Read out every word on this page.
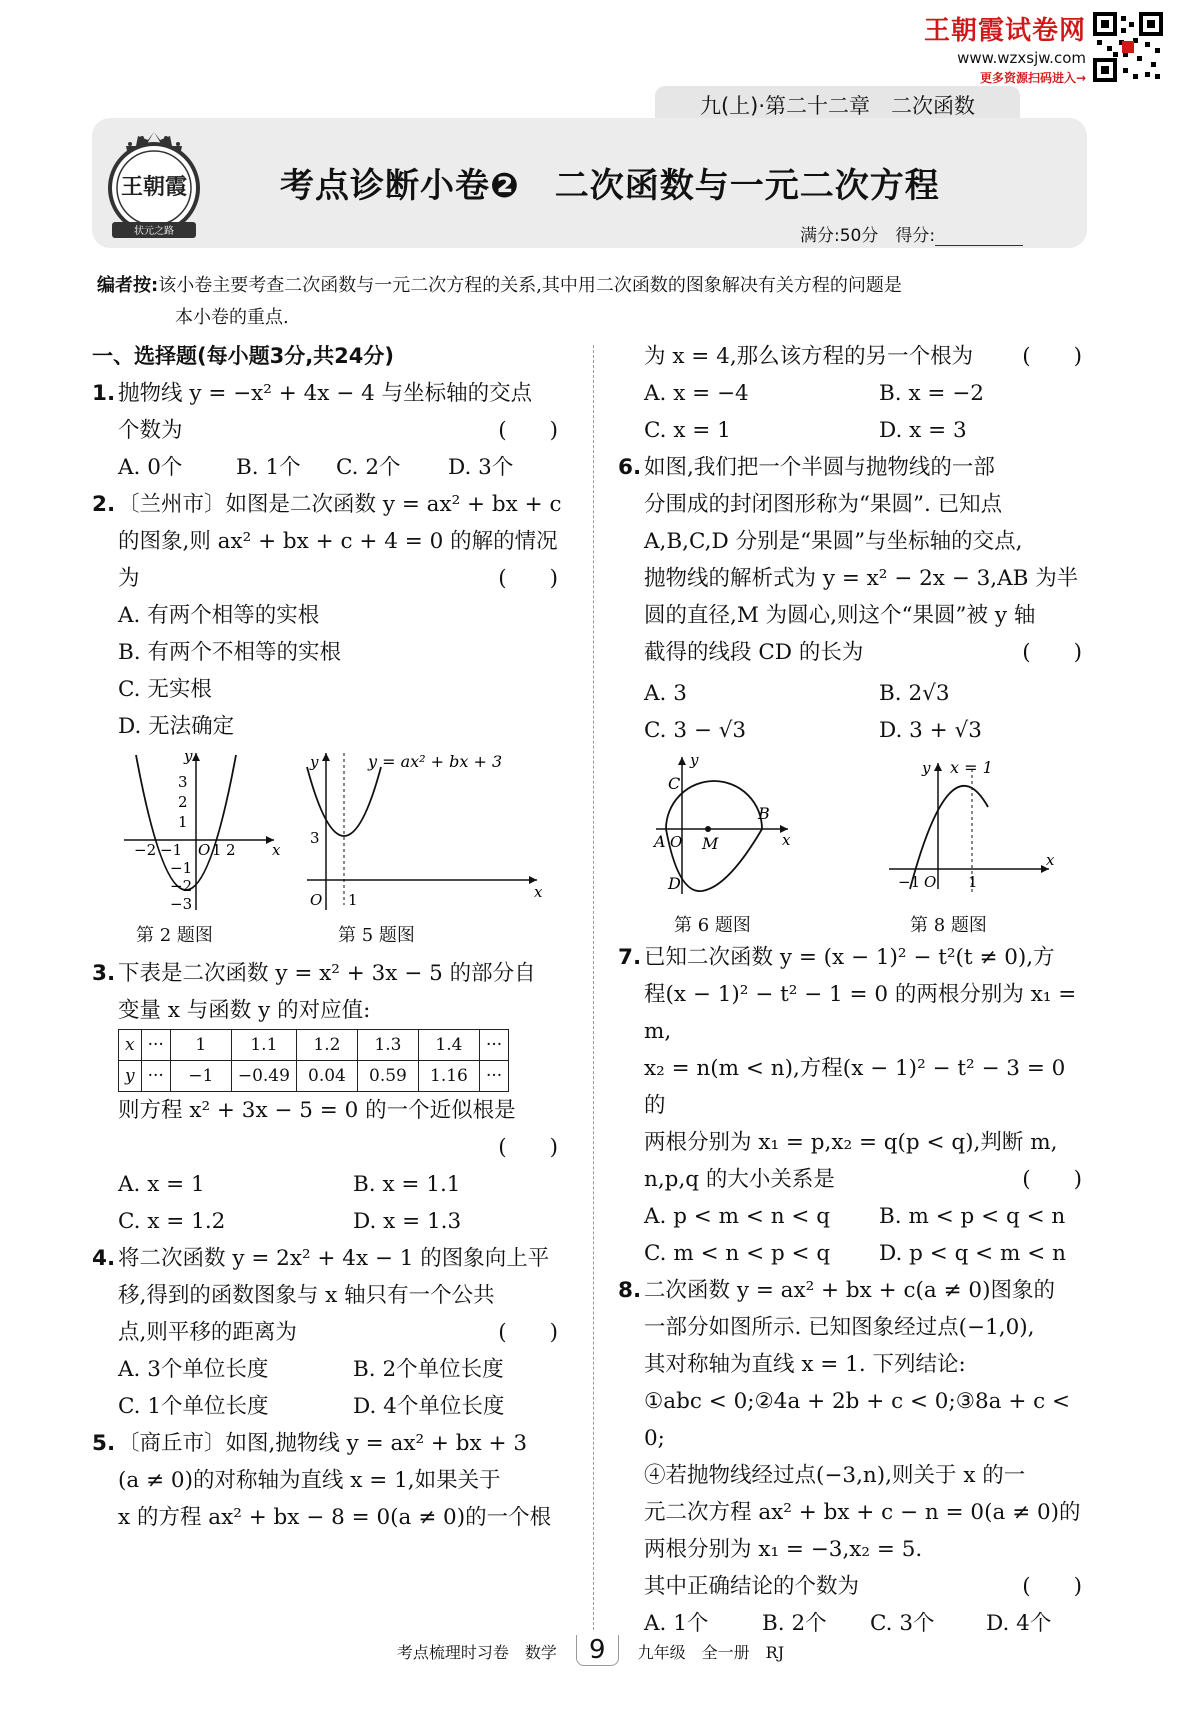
王朝霞试卷网
www.wzxsjw.com
更多资源扫码进入→
九(上)·第二十二章　二次函数
王朝霞
状元之路
考点诊断小卷❷　二次函数与一元二次方程
满分:50分　得分:
编者按:该小卷主要考查二次函数与一元二次方程的关系,其中用二次函数的图象解决有关方程的问题是
本小卷的重点.
一、选择题(每小题3分,共24分)
1. 抛物线 y = −x² + 4x − 4 与坐标轴的交点
个数为	(　　)
A. 0个	B. 1个	C. 2个	D. 3个
2. 〔兰州市〕如图是二次函数 y = ax² + bx + c
的图象,则 ax² + bx + c + 4 = 0 的解的情况
为	(　　)
A. 有两个相等的实根
B. 有两个不相等的实根
C. 无实根
D. 无法确定
y
x
−2 −1 O 1 2
3
2
1
−1
−2
−3
第 2 题图
y	y = ax² + bx + 3
x
O 1
3
第 5 题图
3. 下表是二次函数 y = x² + 3x − 5 的部分自
变量 x 与函数 y 的对应值:
x	···	1	1.1	1.2	1.3	1.4	···
y	···	−1	−0.49	0.04	0.59	1.16	···
则方程 x² + 3x − 5 = 0 的一个近似根是
(　　)

A. x = 1	B. x = 1.1
C. x = 1.2	D. x = 1.3
4. 将二次函数 y = 2x² + 4x − 1 的图象向上平
移,得到的函数图象与 x 轴只有一个公共
点,则平移的距离为	(　　)
A. 3个单位长度	B. 2个单位长度
C. 1个单位长度	D. 4个单位长度
5. 〔商丘市〕如图,抛物线 y = ax² + bx + 3
(a ≠ 0)的对称轴为直线 x = 1,如果关于
x 的方程 ax² + bx − 8 = 0(a ≠ 0)的一个根
为 x = 4,那么该方程的另一个根为 (　　)
A. x = −4	B. x = −2
C. x = 1	D. x = 3
6. 如图,我们把一个半圆与抛物线的一部
分围成的封闭图形称为“果圆”. 已知点
A,B,C,D 分别是“果圆”与坐标轴的交点,
抛物线的解析式为 y = x² − 2x − 3,AB 为半
圆的直径,M 为圆心,则这个“果圆”被 y 轴
截得的线段 CD 的长为	(　　)
A. 3	B. 2√3
C. 3 − √3	D. 3 + √3
C
y
B
A O M	x
D
第 6 题图
y x = 1
x
−1 O 1
第 8 题图
7. 已知二次函数 y = (x − 1)² − t²(t ≠ 0),方
程(x − 1)² − t² − 1 = 0 的两根分别为 x₁ = m,
x₂ = n(m < n),方程(x − 1)² − t² − 3 = 0 的
两根分别为 x₁ = p,x₂ = q(p < q),判断 m,
n,p,q 的大小关系是	(　　)
A. p < m < n < q	B. m < p < q < n
C. m < n < p < q	D. p < q < m < n
8. 二次函数 y = ax² + bx + c(a ≠ 0)图象的
一部分如图所示. 已知图象经过点(−1,0),
其对称轴为直线 x = 1. 下列结论:
①abc < 0;②4a + 2b + c < 0;③8a + c < 0;
④若抛物线经过点(−3,n),则关于 x 的一
元二次方程 ax² + bx + c − n = 0(a ≠ 0)的
两根分别为 x₁ = −3,x₂ = 5.
其中正确结论的个数为	(　　)
A. 1个	B. 2个	C. 3个	D. 4个
考点梳理时习卷　数学 9 九年级　全一册　RJ
